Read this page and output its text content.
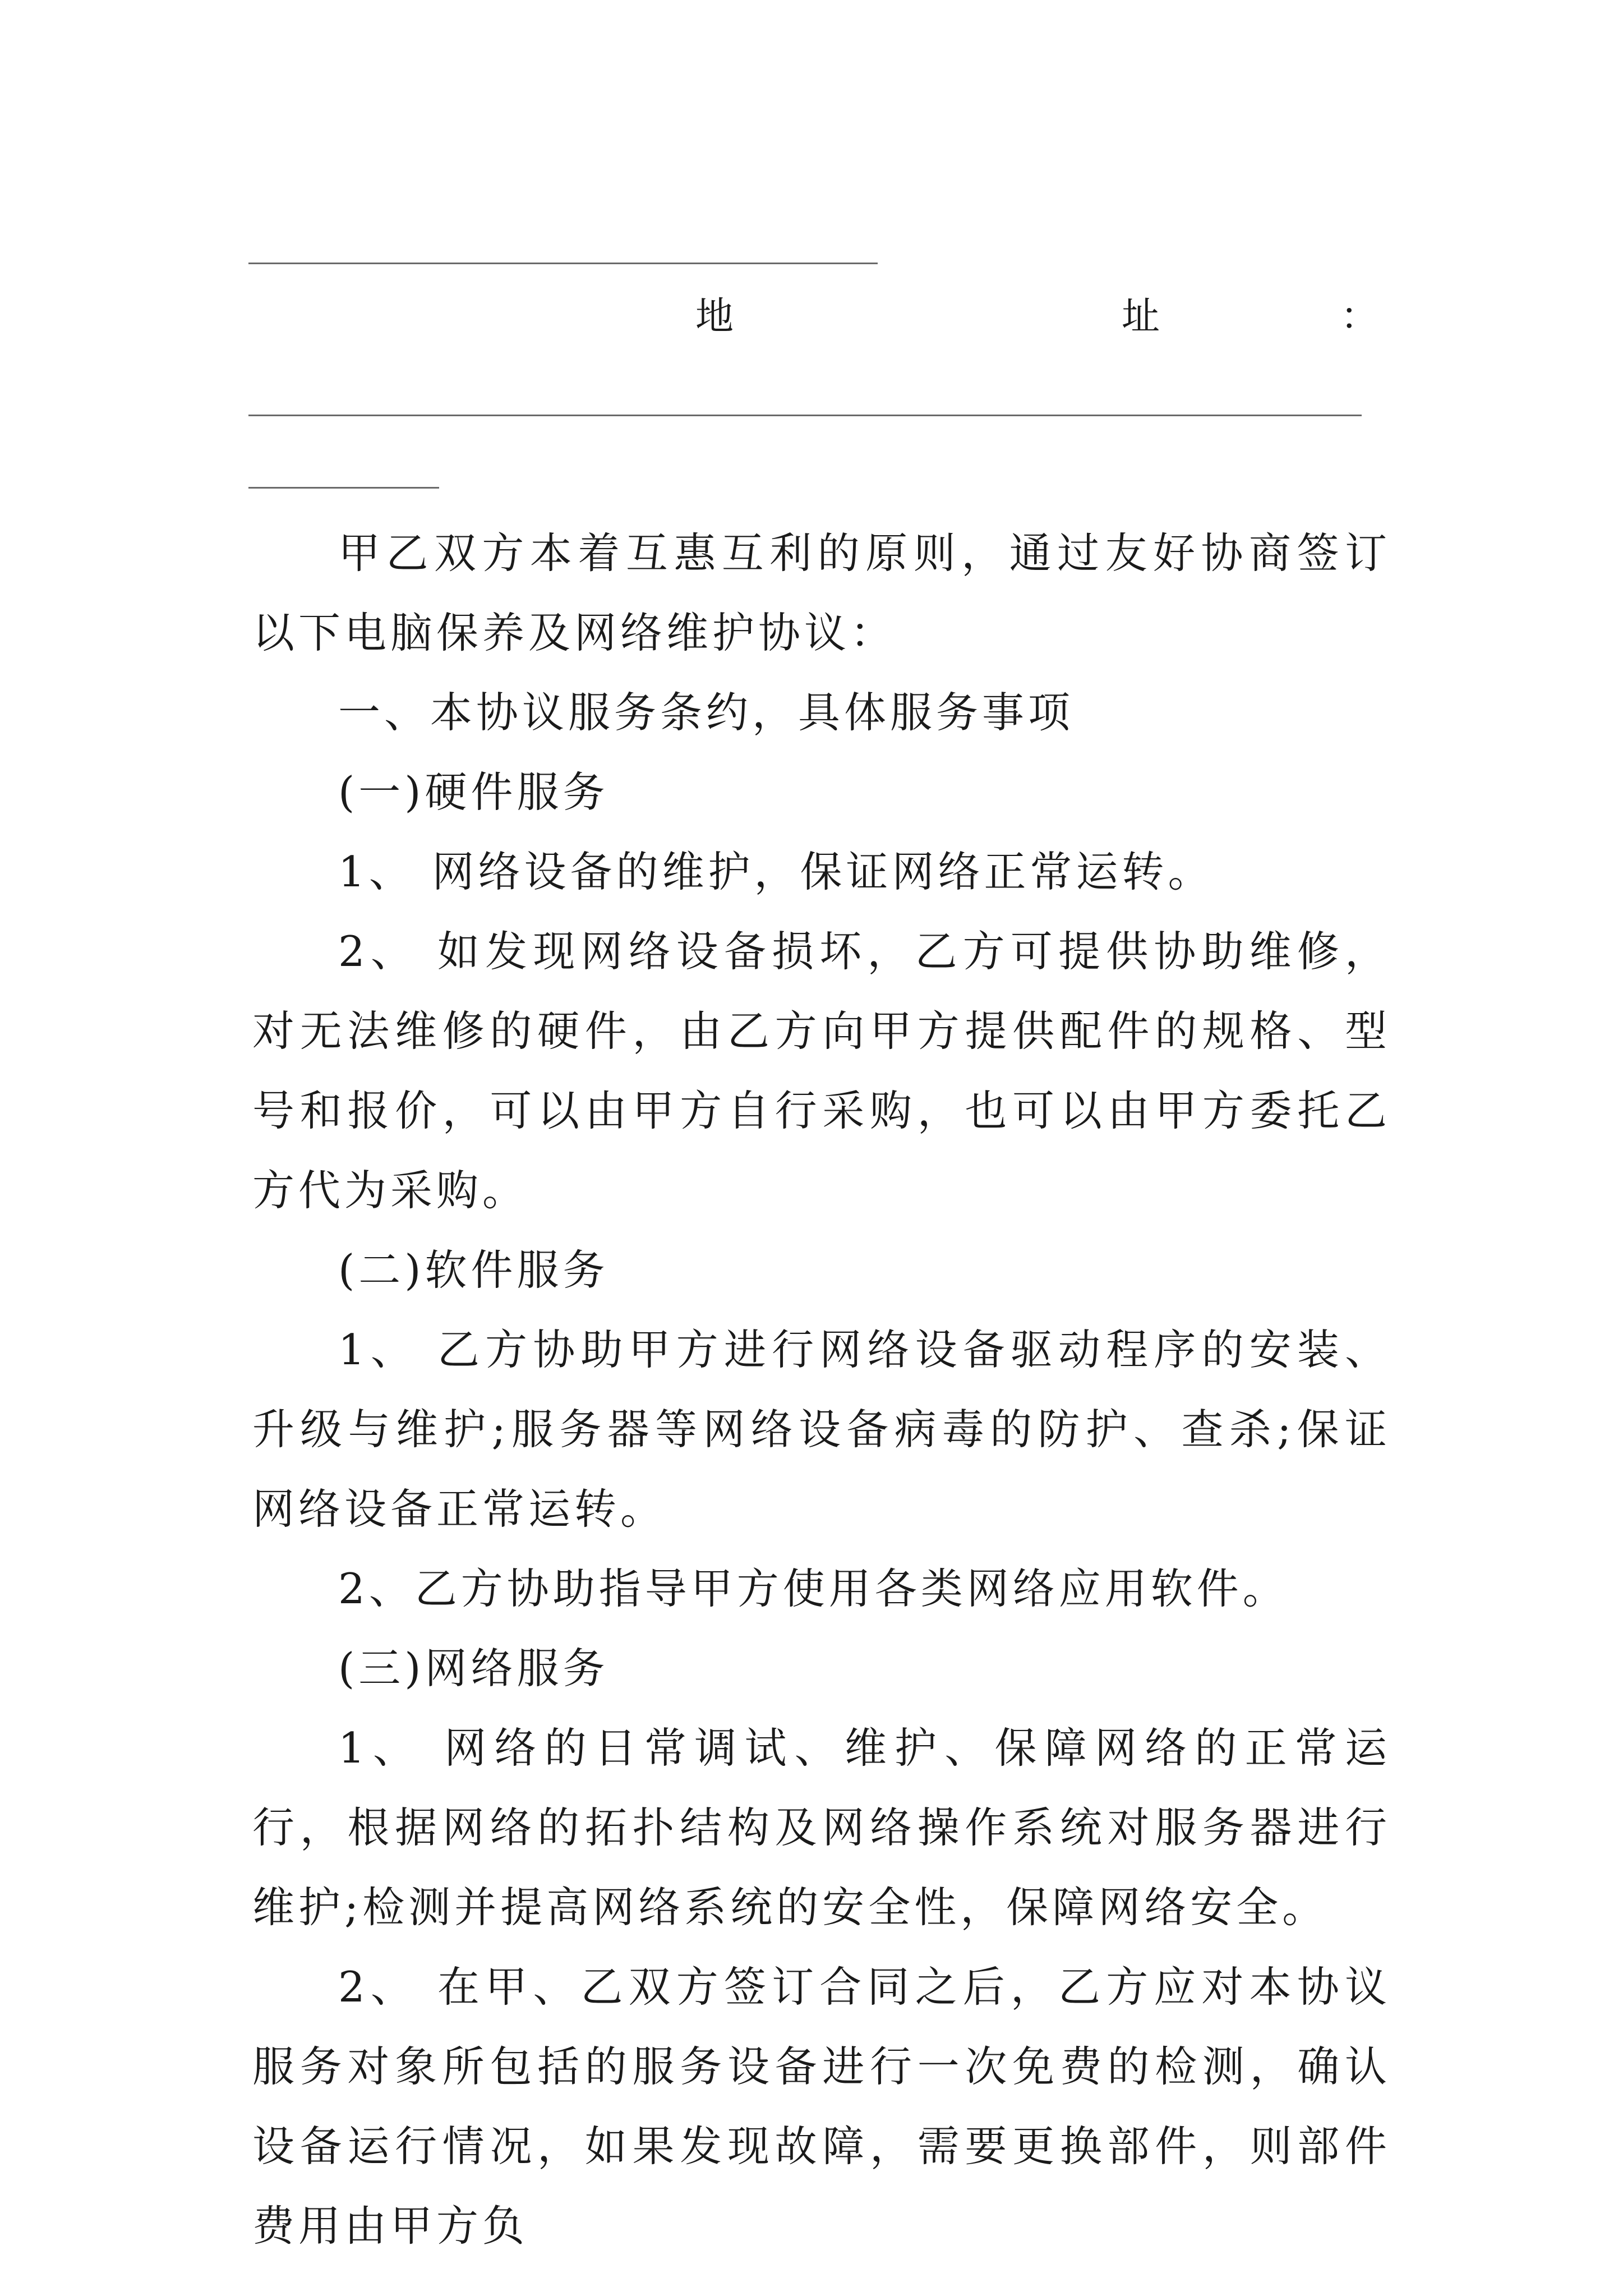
地	址	：

甲乙双方本着互惠互利的原则，通过友好协商签订以下电脑保养及网络维护协议：

一、本协议服务条约，具体服务事项

(一)硬件服务

1、 网络设备的维护，保证网络正常运转。

2、 如发现网络设备损坏，乙方可提供协助维修，对无法维修的硬件，由乙方向甲方提供配件的规格、型号和报价，可以由甲方自行采购，也可以由甲方委托乙方代为采购。

(二)软件服务

1、 乙方协助甲方进行网络设备驱动程序的安装、升级与维护;服务器等网络设备病毒的防护、查杀;保证网络设备正常运转。

2、乙方协助指导甲方使用各类网络应用软件。

(三)网络服务

1、 网络的日常调试、维护、保障网络的正常运行，根据网络的拓扑结构及网络操作系统对服务器进行维护;检测并提高网络系统的安全性，保障网络安全。

2、 在甲、乙双方签订合同之后，乙方应对本协议服务对象所包括的服务设备进行一次免费的检测，确认设备运行情况，如果发现故障，需要更换部件，则部件费用由甲方负
